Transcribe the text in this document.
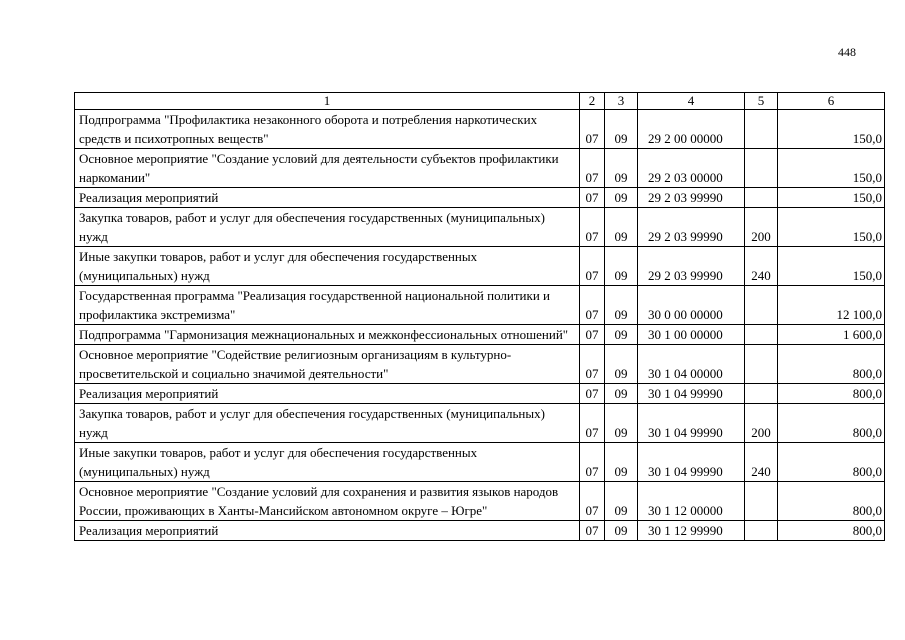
448
1	2	3	4	5	6
Подпрограмма "Профилактика незаконного оборота и потребления наркотических средств и психотропных веществ"	07	09	29 2 00 00000		150,0
Основное мероприятие "Создание условий для деятельности субъектов профилактики наркомании"	07	09	29 2 03 00000		150,0
Реализация мероприятий	07	09	29 2 03 99990		150,0
Закупка товаров, работ и услуг для обеспечения государственных (муниципальных) нужд	07	09	29 2 03 99990	200	150,0
Иные закупки товаров, работ и услуг для обеспечения государственных (муниципальных) нужд	07	09	29 2 03 99990	240	150,0
Государственная программа "Реализация государственной национальной политики и профилактика экстремизма"	07	09	30 0 00 00000		12 100,0
Подпрограмма "Гармонизация межнациональных и межконфессиональных отношений"	07	09	30 1 00 00000		1 600,0
Основное мероприятие "Содействие религиозным организациям в культурно-просветительской и социально значимой деятельности"	07	09	30 1 04 00000		800,0
Реализация мероприятий	07	09	30 1 04 99990		800,0
Закупка товаров, работ и услуг для обеспечения государственных (муниципальных) нужд	07	09	30 1 04 99990	200	800,0
Иные закупки товаров, работ и услуг для обеспечения государственных (муниципальных) нужд	07	09	30 1 04 99990	240	800,0
Основное мероприятие "Создание условий для сохранения и развития языков народов России, проживающих в Ханты-Мансийском автономном округе – Югре"	07	09	30 1 12 00000		800,0
Реализация мероприятий	07	09	30 1 12 99990		800,0
